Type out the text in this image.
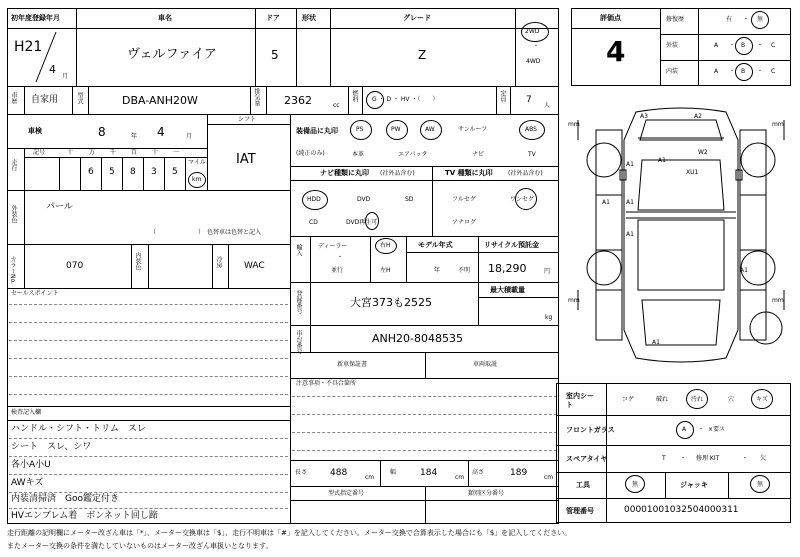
初年度登録年月
H21
4
月
車名
ヴェルファイア
ドア
5
形状	グレード
Z
2WD
・
4WD
車歴 自家用	型式	DBA-ANH20W	排気量 2362	cc
燃料 G ・ D ・ HV ・（　　）	定員 7
人
車検	8	年 4	月
シフト
IAT
走行
記号	十	万 千 百 十 一
6 5 8 3 5
マイル
km
外装色	パール
（　　　　　　　） 色替車は色替と記入
カラーNo.	070	内装色	冷房 WAC
セールスポイント
検査記入欄
ハンドル・シフト・トリム　スレ
シート　スレ、シワ
各小A小U
AWキズ
内装清掃済　Goo鑑定付き
HVエンブレム着　ボンネット回し蹄
装備品に丸印
(純正のみ)
PS	PW	AW	サンルーフ	ABS
本革	エアバック	ナビ	TV
ナビ種類に丸印 (社外品含む)	TV 種類に丸印	(社外品含む)
HDD	DVD	SD
CD	DVD再生可
フルセグ	ワンセグ
アナログ
輸入	ディーラー
・
並行
右H
左H
モデル年式
年	不明
リサイクル預託金
18,290	円
登録番号	大宮373も2525
最大積載量
kg
車台番号	ANH20-8048535
新車保証書	車両取説
注意事項・不具合箇所
長さ	488	cm
幅	184	cm
高さ	189	cm
型式指定番号	類別区分番号
評価点
4
修復歴	有 ・ 無
外装	A ・ B ・ C
内装	A ・ B ・ C
A3	A2
W2
A1
A1
A1
XU1
A1
A1
A1
A1
mm	mm
mm	mm
室内シート
コゲ	破れ	汚れ	穴	キズ
フロントガラス	A ・ ×要ス
スペアタイヤ	T ・ 修理 KIT	・ 欠
工具	無	ジャッキ	無
管理番号	00001001032504000311
走行距離の記明欄にメーター改ざん車は「*」、メーター交換車は「$」、走行不明車は「#」を記入してください。メーター交換で合算表示した場合にも「$」を記入してください。
またメーター交換の条件を満たしていないものはメーター改ざん車扱いとなります。
